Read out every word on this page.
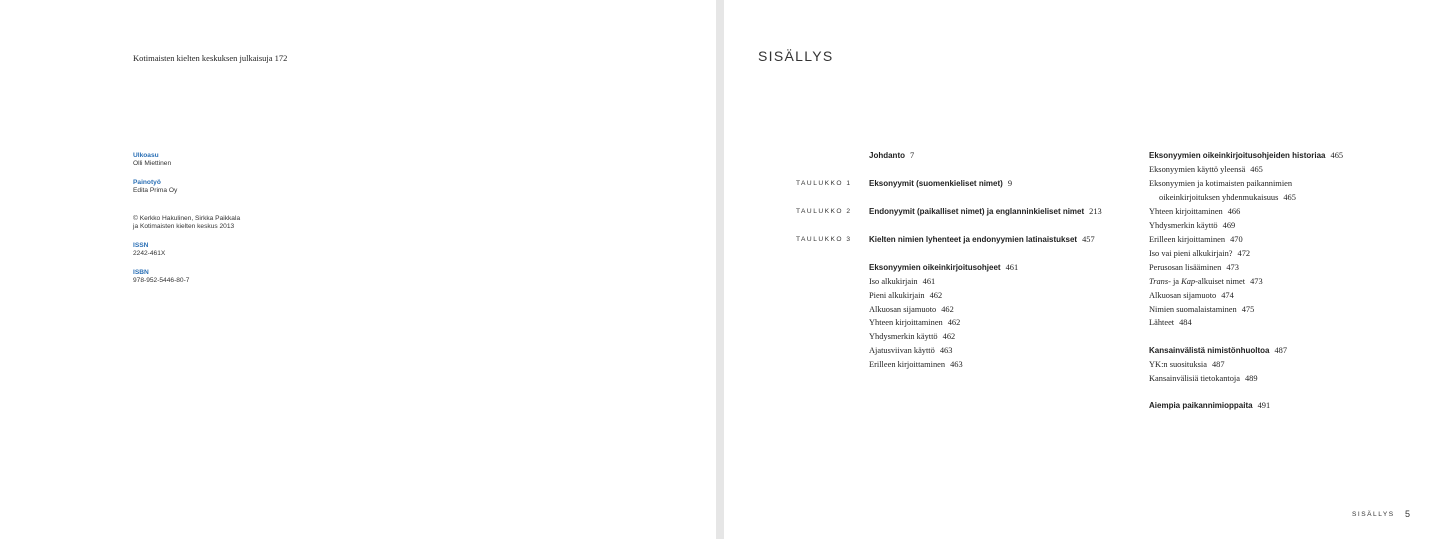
Kotimaisten kielten keskuksen julkaisuja 172
Ulkoasu
Olli Miettinen
Painotyö
Edita Prima Oy
© Kerkko Hakulinen, Sirkka Paikkala
ja Kotimaisten kielten keskus 2013
ISSN
2242-461X
ISBN
978-952-5446-80-7
SISÄLLYS
Johdanto 7
TAULUKKO 1 Eksonyymit (suomenkieliset nimet) 9
TAULUKKO 2 Endonyymit (paikalliset nimet) ja englanninkieliset nimet 213
TAULUKKO 3 Kielten nimien lyhenteet ja endonyymien latinaistukset 457
Eksonyymien oikeinkirjoitusohjeet 461
Iso alkukirjain 461
Pieni alkukirjain 462
Alkuosan sijamuoto 462
Yhteen kirjoittaminen 462
Yhdysmerkin käyttö 462
Ajatusviivan käyttö 463
Erilleen kirjoittaminen 463
Eksonyymien oikeinkirjoitusohjeiden historiaa 465
Eksonyymien käyttö yleensä 465
Eksonyymien ja kotimaisten paikannimien
oikeinkirjoituksen yhdenmukaisuus 465
Yhteen kirjoittaminen 466
Yhdysmerkin käyttö 469
Erilleen kirjoittaminen 470
Iso vai pieni alkukirjain? 472
Perusosan lisääminen 473
Trans- ja Kap-alkuiset nimet 473
Alkuosan sijamuoto 474
Nimien suomalaistaminen 475
Lähteet 484
Kansainvälistä nimistönhuoltoa 487
YK:n suosituksia 487
Kansainvälisiä tietokantoja 489
Aiempia paikannimioppaita 491
SISÄLLYS 5
